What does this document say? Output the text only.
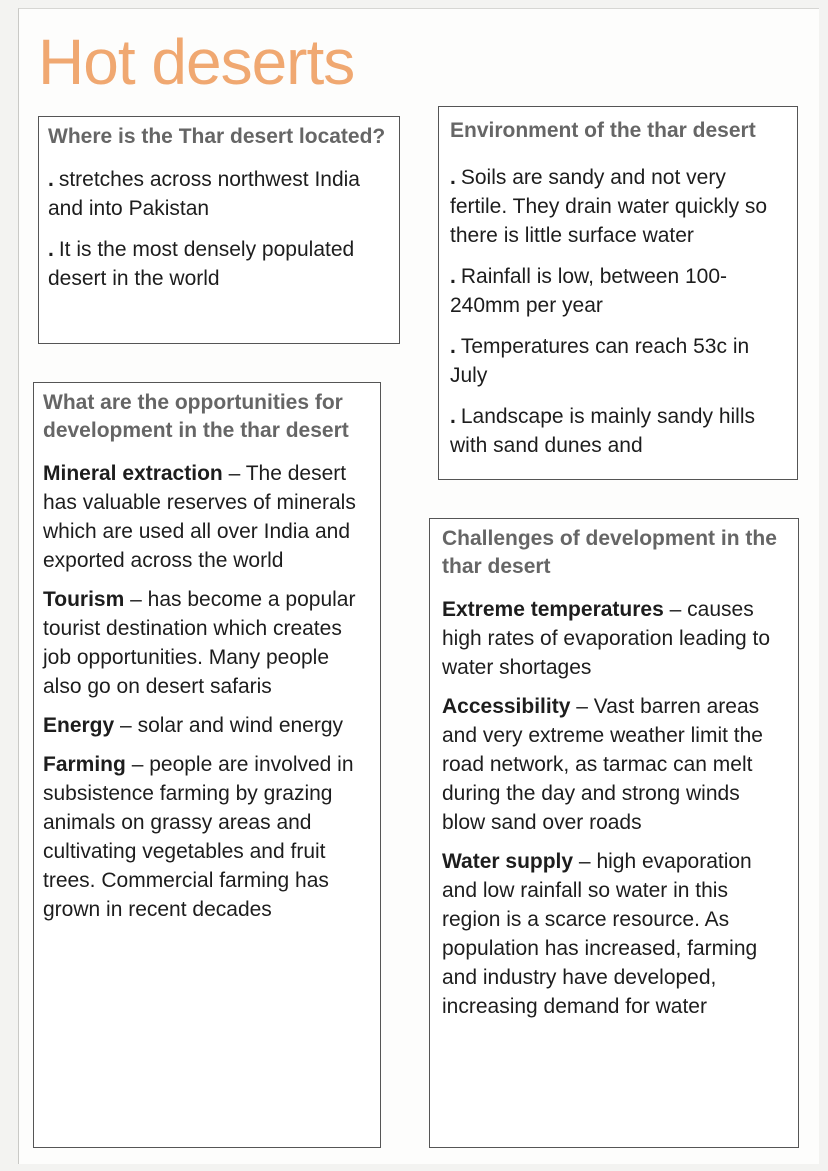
Hot deserts
Where is the Thar desert located?
. stretches across northwest India and into Pakistan
. It is the most densely populated desert in the world
Environment of the thar desert
. Soils are sandy and not very fertile. They drain water quickly so there is little surface water
. Rainfall is low, between 100-240mm per year
. Temperatures can reach 53c in July
. Landscape is mainly sandy hills with sand dunes and
What are the opportunities for development in the thar desert
Mineral extraction – The desert has valuable reserves of minerals which are used all over India and exported across the world
Tourism – has become a popular tourist destination which creates job opportunities. Many people also go on desert safaris
Energy – solar and wind energy
Farming – people are involved in subsistence farming by grazing animals on grassy areas and cultivating vegetables and fruit trees. Commercial farming has grown in recent decades
Challenges of development in the thar desert
Extreme temperatures – causes high rates of evaporation leading to water shortages
Accessibility – Vast barren areas and very extreme weather limit the road network, as tarmac can melt during the day and strong winds blow sand over roads
Water supply – high evaporation and low rainfall so water in this region is a scarce resource. As population has increased, farming and industry have developed, increasing demand for water
